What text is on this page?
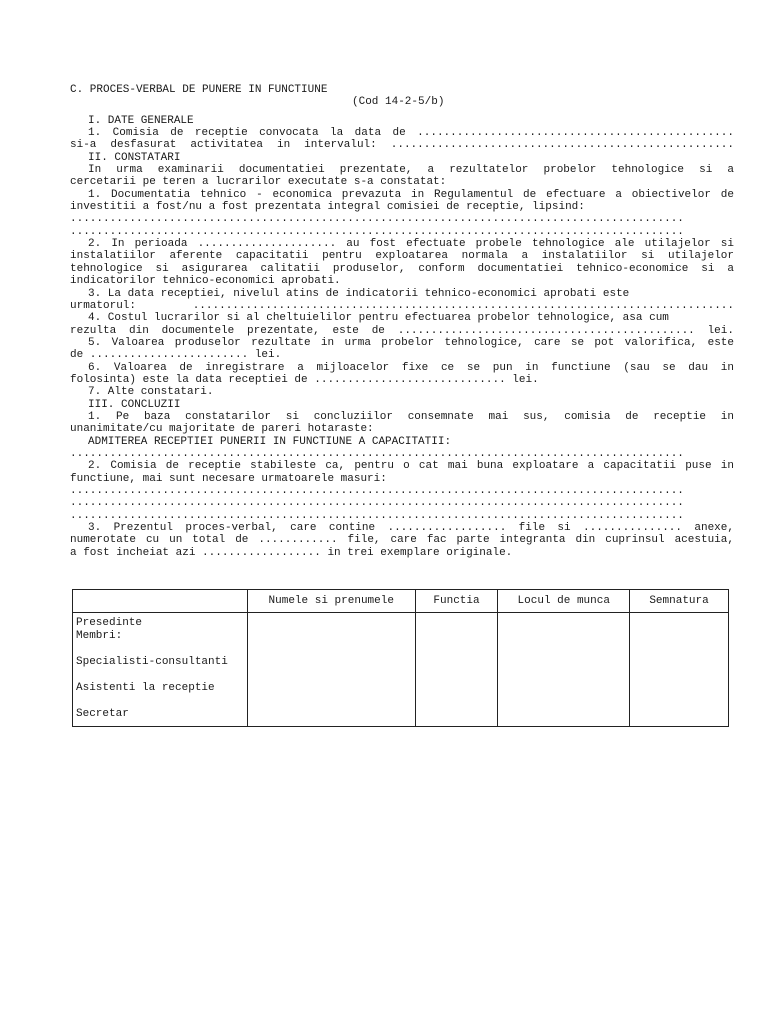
C. PROCES-VERBAL DE PUNERE IN FUNCTIUNE
(Cod 14-2-5/b)
I. DATE GENERALE
1. Comisia de receptie convocata la data de ................................................
si-a desfasurat activitatea in intervalul: ....................................................
II. CONSTATARI
In urma examinarii documentatiei prezentate, a rezultatelor probelor tehnologice si a
cercetarii pe teren a lucrarilor executate s-a constatat:
1. Documentatia tehnico - economica prevazuta in Regulamentul de efectuare a obiectivelor de
investitii a fost/nu a fost prezentata integral comisiei de receptie, lipsind:
.............................................................................................
.............................................................................................
2. In perioada ..................... au fost efectuate probele tehnologice ale utilajelor si
instalatiilor aferente capacitatii pentru exploatarea normala a instalatiilor si utilajelor
tehnologice si asigurarea calitatii produselor, conform documentatiei tehnico-economice si a
indicatorilor tehnico-economici aprobati.
3. La data receptiei, nivelul atins de indicatorii tehnico-economici aprobati este
urmatorul: ..................................................................................
4. Costul lucrarilor si al cheltuielilor pentru efectuarea probelor tehnologice, asa cum
rezulta din documentele prezentate, este de ............................................. lei.
5. Valoarea produselor rezultate in urma probelor tehnologice, care se pot valorifica, este
de ........................ lei.
6. Valoarea de inregistrare a mijloacelor fixe ce se pun in functiune (sau se dau in
folosinta) este la data receptiei de ............................. lei.
7. Alte constatari.
III. CONCLUZII
1. Pe baza constatarilor si concluziilor consemnate mai sus, comisia de receptie in
unanimitate/cu majoritate de pareri hotaraste:
ADMITEREA RECEPTIEI PUNERII IN FUNCTIUNE A CAPACITATII:
.............................................................................................
2. Comisia de receptie stabileste ca, pentru o cat mai buna exploatare a capacitatii puse in
functiune, mai sunt necesare urmatoarele masuri:
.............................................................................................
.............................................................................................
.............................................................................................
3. Prezentul proces-verbal, care contine .................. file si ............... anexe,
numerotate cu un total de ............ file, care fac parte integranta din cuprinsul acestuia,
a fost incheiat azi .................. in trei exemplare originale.
	Numele si prenumele	Functia	Locul de munca	Semnatura

Presedinte
Membri:
Specialisti-consultanti
Asistenti la receptie
Secretar				
